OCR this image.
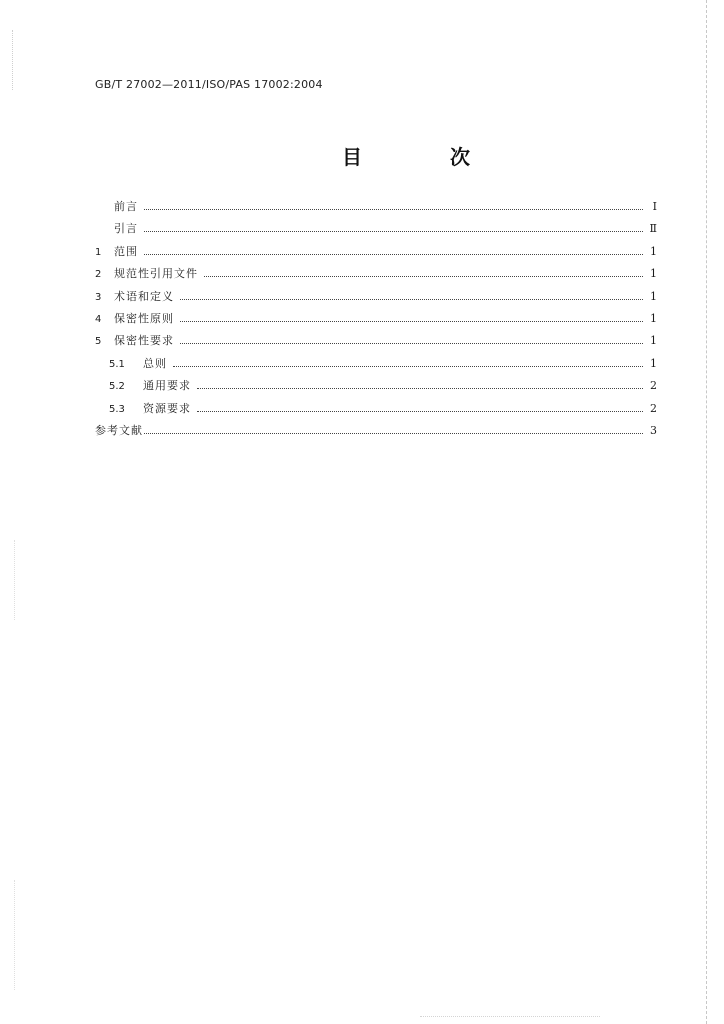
GB/T 27002—2011/ISO/PAS 17002:2004
目　次
前言	Ⅰ
引言	Ⅱ
1	范围	1
2	规范性引用文件	1
3	术语和定义	1
4	保密性原则	1
5	保密性要求	1
5.1	总则	1
5.2	通用要求	2
5.3	资源要求	2
参考文献	3
